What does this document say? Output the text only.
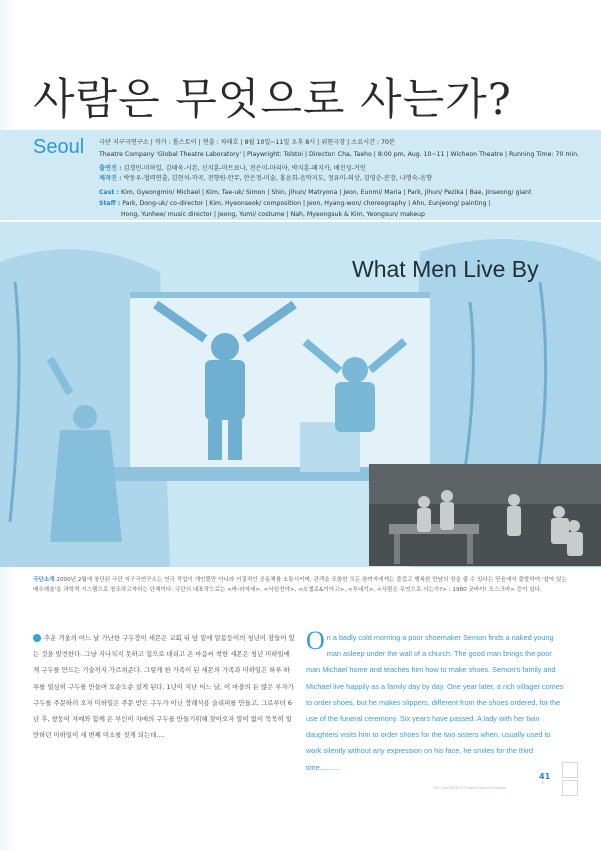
사람은 무엇으로 사는가?
Seoul 극단 지구극연구소 | 작가 : 톨스토이 | 연출 : 차태호 | 8월 10일~11일 오후 8시 | 위현극장 | 소요시간 : 70분
Theatre Company 'Global Theatre Laboratory' | Playwright: Tolstoi | Director: Cha, Taeho | 8:00 pm, Aug. 10~11 | Wicheon Theatre | Running Time: 70 min.
출연진 : 김경민-미하일, 김태욱-시몬, 신지훈-마트료나, 전은미-마리아, 박지훈-페지카, 배진성-거인
제작진 : 박동우-협력연출, 김현석-작곡, 전향원-안무, 안은정-미술, 홍윤희-음악지도, 정유미-의상, 김영순-분장, 나명숙-음향
Cast : Kim, Gyeongmin/ Michael | Kim, Tae-uk/ Simon | Shin, Jihun/ Matryona | Jeon, Eunmi/ Maria | Park, Jihun/ Pezika | Bae, Jinseong/ giant
Staff : Park, Dong-uk/ co-director | Kim, Hyeonseok/ composition | Jeon, Hyang-won/ choreography | Ahn, Eunjeong/ painting |
Hong, Yunhee/ music director | Jeong, Yumi/ costume | Nah, Myeongsuk & Kim, Yeongsun/ makeup
What Men Live By
극단소개 2000년 2월에 창단된 극단 지구극연구소는 연극 작업이 개인뿐만 아니라 이질적인 공동체를 소통시키며, 관객을 포함한 모든 참여자에게는 즐겁고 행복한 만남의 장을 줄 수 있다는 믿음에서 출발하여 '살아 있는 배우예술'을 과학적 시스템으로 창조하고자하는 단체이다. 극단의 대표작으로는 <바-라자세>, <낙원전야>, <오셀로&이아고>, <투네기>, <사람은 무엇으로 사는가?> : 1980 굿바이! 모스크바> 등이 있다.
추운 겨울의 어느 날 가난한 구두장이 세몬은 교회 뒤 담 밑에 알몸둥이의 청년이 잠들어 있는 것을 발견한다. 그냥 지나치지 못하고 집으로 데리고 온 마음씨 착한 세몬은 청년 미하일에게 구두를 만드는 기술까지 가르쳐준다. 그렇게 한 가족이 된 세몬의 가족과 미하일은 하루 하루를 열심히 구두를 만들며 오순도순 살게 된다. 1년이 지난 어느 날, 이 마을의 돈 많은 부자가 구두를 주문하러 오자 미하일은 주문 받은 구두가 아닌 장례식용 슬리퍼를 만들고, 그로부터 6년 후, 쌍둥이 자매와 함께 온 부인이 자매의 구두를 만들기위해 찾아오자 말이 없이 묵묵히 일만하던 미하일이 세 번째 미소를 짓게 되는데....
On a badly cold morning a poor shoemaker Semon finds a naked young man asleep under the wall of a church. The good man brings the poor man Michael home and teaches him how to make shoes. Semon's family and Michael live happily as a family day by day. One year later, a rich villager comes to order shoes, but he makes slippers, different from the shoes ordered, for the use of the funeral ceremony. Six years have passed. A lady with her twin daughters visits him to order shoes for the two sisters when, usually used to work silently without any expression on his face, he smiles for the third time..........
41
The 14th BESETO Theatre Festival Program
